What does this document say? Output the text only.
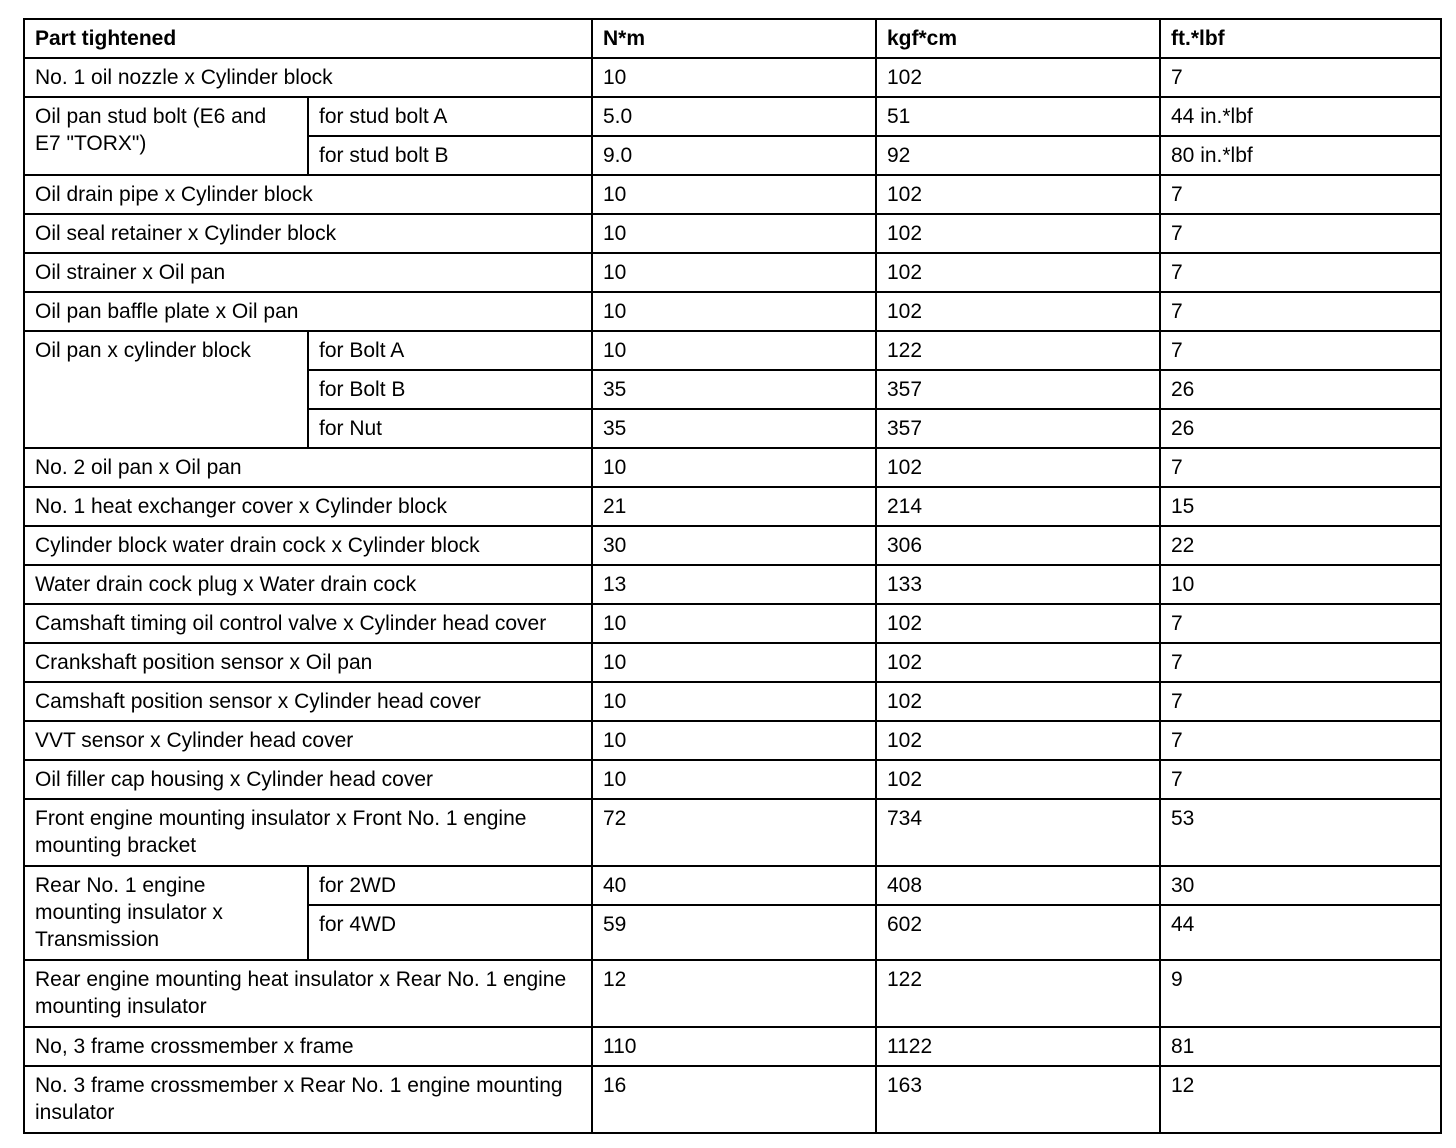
Part tightened		N*m	kgf*cm	ft.*lbf
No. 1 oil nozzle x Cylinder block		10	102	7
Oil pan stud bolt (E6 and E7 "TORX")	for stud bolt A	5.0	51	44 in.*lbf
	for stud bolt B	9.0	92	80 in.*lbf
Oil drain pipe x Cylinder block		10	102	7
Oil seal retainer x Cylinder block		10	102	7
Oil strainer x Oil pan		10	102	7
Oil pan baffle plate x Oil pan		10	102	7
Oil pan x cylinder block	for Bolt A	10	122	7
	for Bolt B	35	357	26
	for Nut	35	357	26
No. 2 oil pan x Oil pan		10	102	7
No. 1 heat exchanger cover x Cylinder block		21	214	15
Cylinder block water drain cock x Cylinder block		30	306	22
Water drain cock plug x Water drain cock		13	133	10
Camshaft timing oil control valve x Cylinder head cover		10	102	7
Crankshaft position sensor x Oil pan		10	102	7
Camshaft position sensor x Cylinder head cover		10	102	7
VVT sensor x Cylinder head cover		10	102	7
Oil filler cap housing x Cylinder head cover		10	102	7
Front engine mounting insulator x Front No. 1 engine mounting bracket		72	734	53
Rear No. 1 engine mounting insulator x Transmission	for 2WD	40	408	30
	for 4WD	59	602	44
Rear engine mounting heat insulator x Rear No. 1 engine mounting insulator		12	122	9
No, 3 frame crossmember x frame		110	1122	81
No. 3 frame crossmember x Rear No. 1 engine mounting insulator		16	163	12
